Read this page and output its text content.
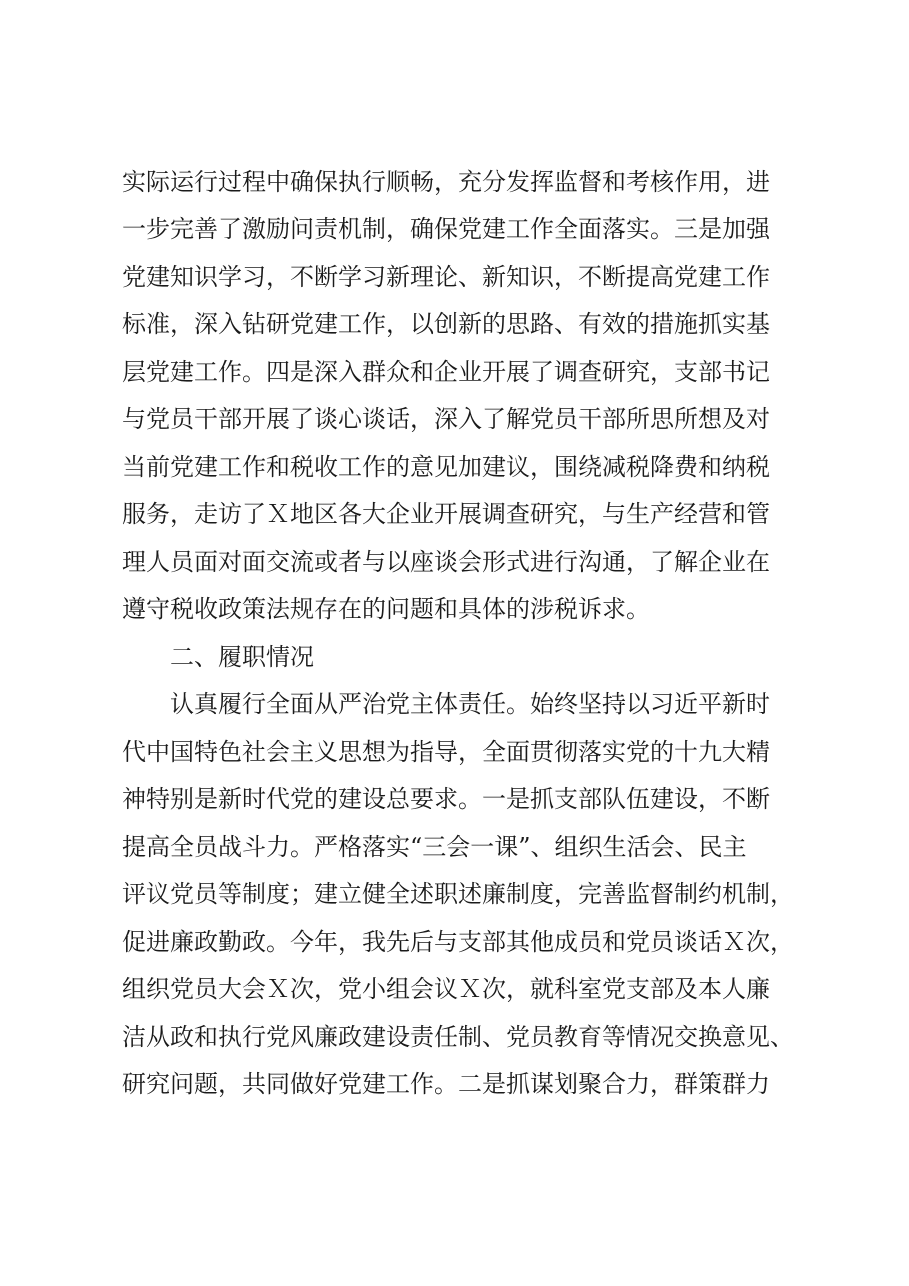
实际运行过程中确保执行顺畅，充分发挥监督和考核作用，进
一步完善了激励问责机制，确保党建工作全面落实。三是加强
党建知识学习，不断学习新理论、新知识，不断提高党建工作
标准，深入钻研党建工作，以创新的思路、有效的措施抓实基
层党建工作。四是深入群众和企业开展了调查研究，支部书记
与党员干部开展了谈心谈话，深入了解党员干部所思所想及对
当前党建工作和税收工作的意见加建议，围绕减税降费和纳税
服务，走访了Ｘ地区各大企业开展调查研究，与生产经营和管
理人员面对面交流或者与以座谈会形式进行沟通，了解企业在
遵守税收政策法规存在的问题和具体的涉税诉求。
二、履职情况
认真履行全面从严治党主体责任。始终坚持以习近平新时
代中国特色社会主义思想为指导，全面贯彻落实党的十九大精
神特别是新时代党的建设总要求。一是抓支部队伍建设，不断
提高全员战斗力。严格落实“三会一课”、组织生活会、民主
评议党员等制度；建立健全述职述廉制度，完善监督制约机制，
促进廉政勤政。今年，我先后与支部其他成员和党员谈话Ｘ次，
组织党员大会Ｘ次，党小组会议Ｘ次，就科室党支部及本人廉
洁从政和执行党风廉政建设责任制、党员教育等情况交换意见、
研究问题，共同做好党建工作。二是抓谋划聚合力，群策群力
